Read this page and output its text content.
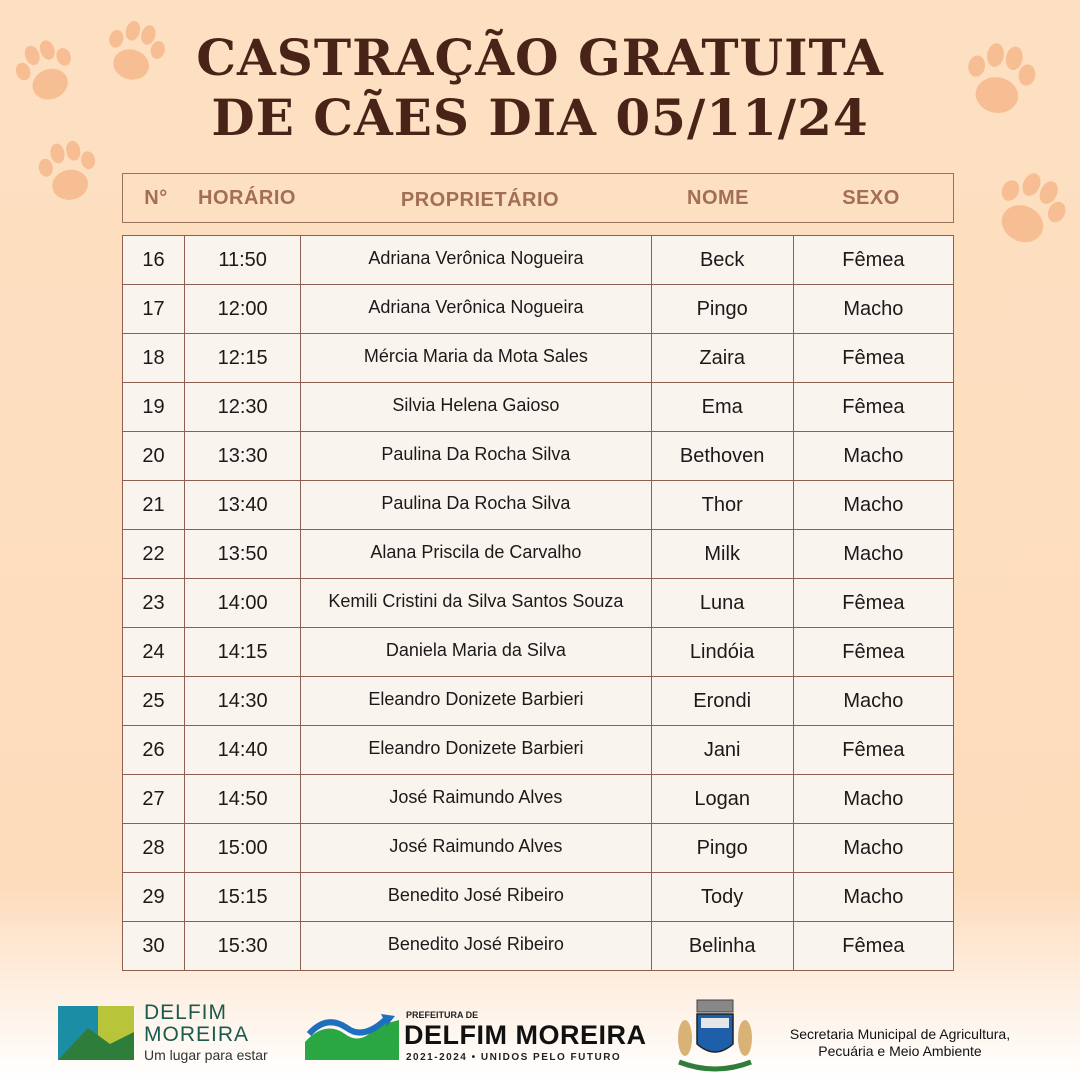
CASTRAÇÃO GRATUITA
DE CÃES DIA 05/11/24
N°	HORÁRIO	PROPRIETÁRIO	NOME	SEXO
16	11:50	Adriana Verônica Nogueira	Beck	Fêmea
17	12:00	Adriana Verônica Nogueira	Pingo	Macho
18	12:15	Mércia Maria da Mota Sales	Zaira	Fêmea
19	12:30	Silvia Helena Gaioso	Ema	Fêmea
20	13:30	Paulina Da Rocha Silva	Bethoven	Macho
21	13:40	Paulina Da Rocha Silva	Thor	Macho
22	13:50	Alana Priscila de Carvalho	Milk	Macho
23	14:00	Kemili Cristini da Silva Santos Souza	Luna	Fêmea
24	14:15	Daniela Maria da Silva	Lindóia	Fêmea
25	14:30	Eleandro Donizete Barbieri	Erondi	Macho
26	14:40	Eleandro Donizete Barbieri	Jani	Fêmea
27	14:50	José Raimundo Alves	Logan	Macho
28	15:00	José Raimundo Alves	Pingo	Macho
29	15:15	Benedito José Ribeiro	Tody	Macho
30	15:30	Benedito José Ribeiro	Belinha	Fêmea
DELFIM
MOREIRA
Um lugar para estar
PREFEITURA DE
DELFIM MOREIRA
2021-2024 • UNIDOS PELO FUTURO
Secretaria Municipal de Agricultura,
Pecuária e Meio Ambiente
